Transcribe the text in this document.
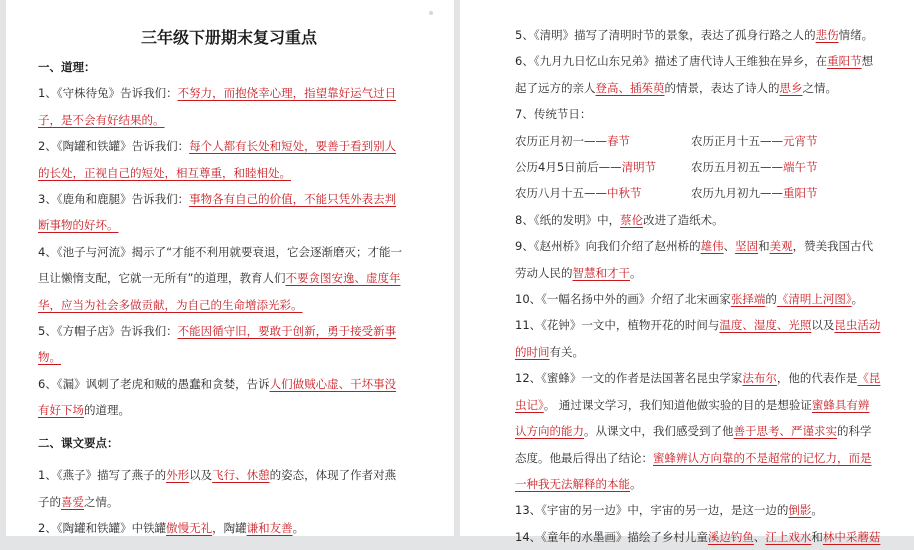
三年级下册期末复习重点
一、道理：
1、《守株待兔》告诉我们：不努力，而抱侥幸心理，指望靠好运气过日
子，是不会有好结果的。
2、《陶罐和铁罐》告诉我们：每个人都有长处和短处，要善于看到别人
的长处，正视自己的短处，相互尊重，和睦相处。
3、《鹿角和鹿腿》告诉我们：事物各有自己的价值，不能只凭外表去判
断事物的好坏。
4、《池子与河流》揭示了“才能不利用就要衰退，它会逐渐磨灭；才能一
旦让懒惰支配，它就一无所有”的道理，教育人们不要贪图安逸、虚度年
华，应当为社会多做贡献，为自己的生命增添光彩。
5、《方帽子店》告诉我们：不能因循守旧，要敢于创新，勇于接受新事
物。
6、《漏》讽刺了老虎和贼的愚蠢和贪婪，告诉人们做贼心虚、干坏事没
有好下场的道理。
二、课文要点：
1、《燕子》描写了燕子的外形以及飞行、休憩的姿态，体现了作者对燕
子的喜爱之情。
2、《陶罐和铁罐》中铁罐傲慢无礼，陶罐谦和友善。
5、《清明》描写了清明时节的景象，表达了孤身行路之人的悲伤情绪。
6、《九月九日忆山东兄弟》描述了唐代诗人王维独在异乡，在重阳节想
起了远方的亲人登高、插茱萸的情景，表达了诗人的思乡之情。
7、传统节日：
农历正月初一——春节	农历正月十五——元宵节
公历4月5日前后——清明节	农历五月初五——端午节
农历八月十五——中秋节	农历九月初九——重阳节
8、《纸的发明》中，蔡伦改进了造纸术。
9、《赵州桥》向我们介绍了赵州桥的雄伟、坚固和美观，赞美我国古代
劳动人民的智慧和才干。
10、《一幅名扬中外的画》介绍了北宋画家张择端的《清明上河图》。
11、《花钟》一文中，植物开花的时间与温度、湿度、光照以及昆虫活动
的时间有关。
12、《蜜蜂》一文的作者是法国著名昆虫学家法布尔，他的代表作是《昆
虫记》。 通过课文学习，我们知道他做实验的目的是想验证蜜蜂具有辨
认方向的能力。从课文中，我们感受到了他善于思考、严谨求实的科学
态度。他最后得出了结论：蜜蜂辨认方向靠的不是超常的记忆力，而是
一种我无法解释的本能。
13、《宇宙的另一边》中，宇宙的另一边，是这一边的倒影。
14、《童年的水墨画》描绘了乡村儿童溪边钓鱼、江上戏水和林中采蘑菇
